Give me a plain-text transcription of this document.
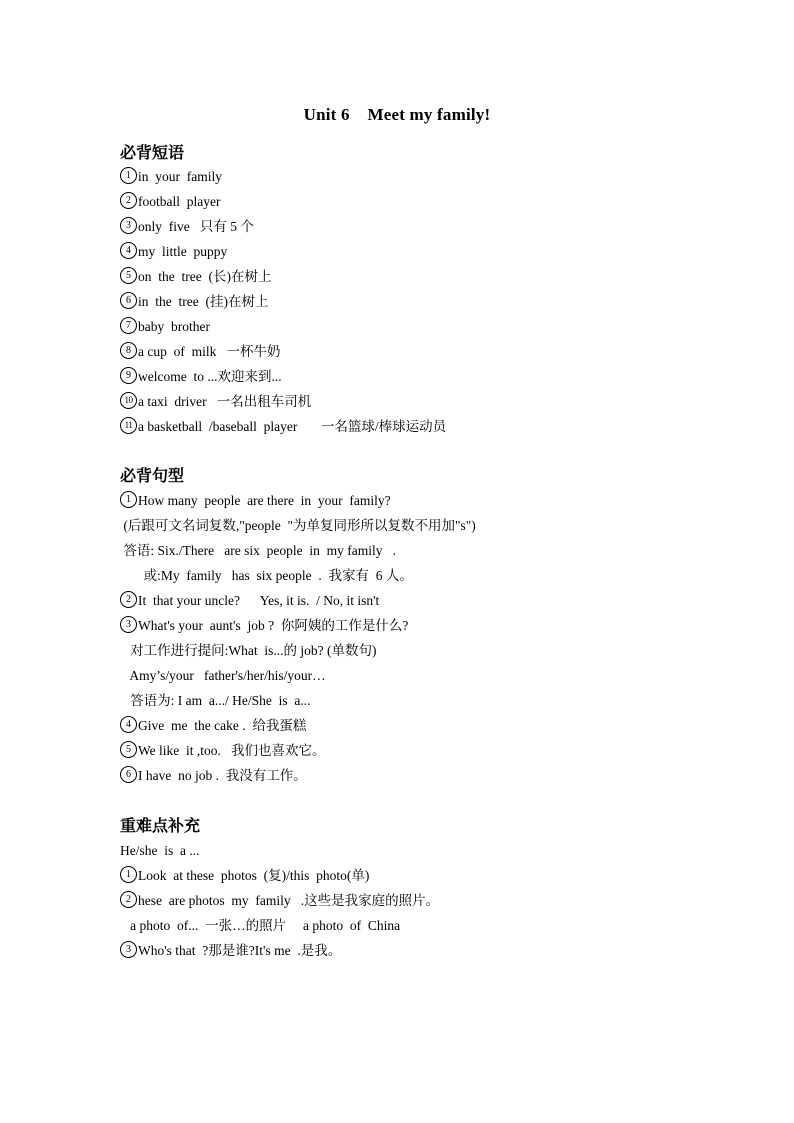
Unit 6    Meet my family!
必背短语
1 in  your  family
2 football  player
3 only  five   只有 5 个
4 my  little  puppy
5 on  the  tree  (长)在树上
6 in  the  tree  (挂)在树上
7 baby  brother
8 a cup  of  milk   一杯牛奶
9 welcome  to ...欢迎来到...
10 a taxi  driver   一名出租车司机
11 a basketball  /baseball  player       一名篮球/棒球运动员
必背句型
1 How many  people  are there  in  your  family?
(后跟可文名词复数,"people  "为单复同形所以复数不用加"s")
答语: Six./There   are six  people  in  my family   .
或:My  family   has  six people  .  我家有  6 人。
2 It  that your uncle?      Yes, it is.  / No, it isn't
3 What's your  aunt's  job ?  你阿姨的工作是什么?
对工作进行提问:What  is...的 job? (单数句)
Amy’s/your   father's/her/his/your…
答语为: I am  a.../ He/She  is  a...
4 Give  me  the cake .  给我蛋糕
5 We like  it ,too.   我们也喜欢它。
6 I have  no job .  我没有工作。
重难点补充
He/she  is  a ...
1 Look  at these  photos  (复)/this  photo(单)
2 hese  are photos  my  family   .这些是我家庭的照片。
a photo  of...  一张…的照片     a photo  of  China
3 Who's that  ?那是谁?It's me  .是我。
